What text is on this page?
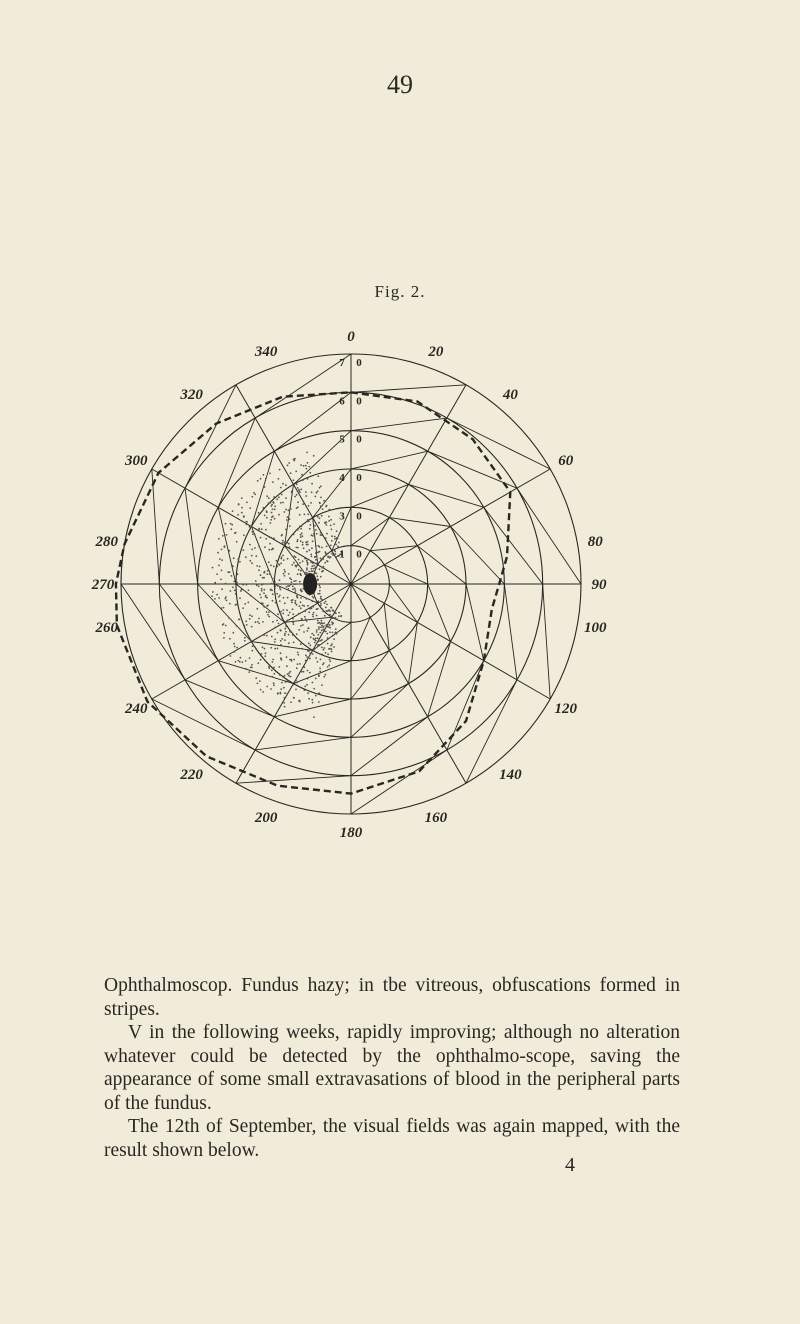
49
Fig. 2.
0
20
40
60
80
90
100
120
140
160
180
200
220
240
260
270
280
300
320
340
7
6
5
4
3
1
0
0
0
0
0
0

Ophthalmoscop. Fundus hazy; in tbe vitreous, obfuscations formed in stripes.

V in the following weeks, rapidly improving; although no alteration whatever could be detected by the ophthalmo-scope, saving the appearance of some small extravasations of blood in the peripheral parts of the fundus.

The 12th of September, the visual fields was again mapped, with the result shown below.

4
